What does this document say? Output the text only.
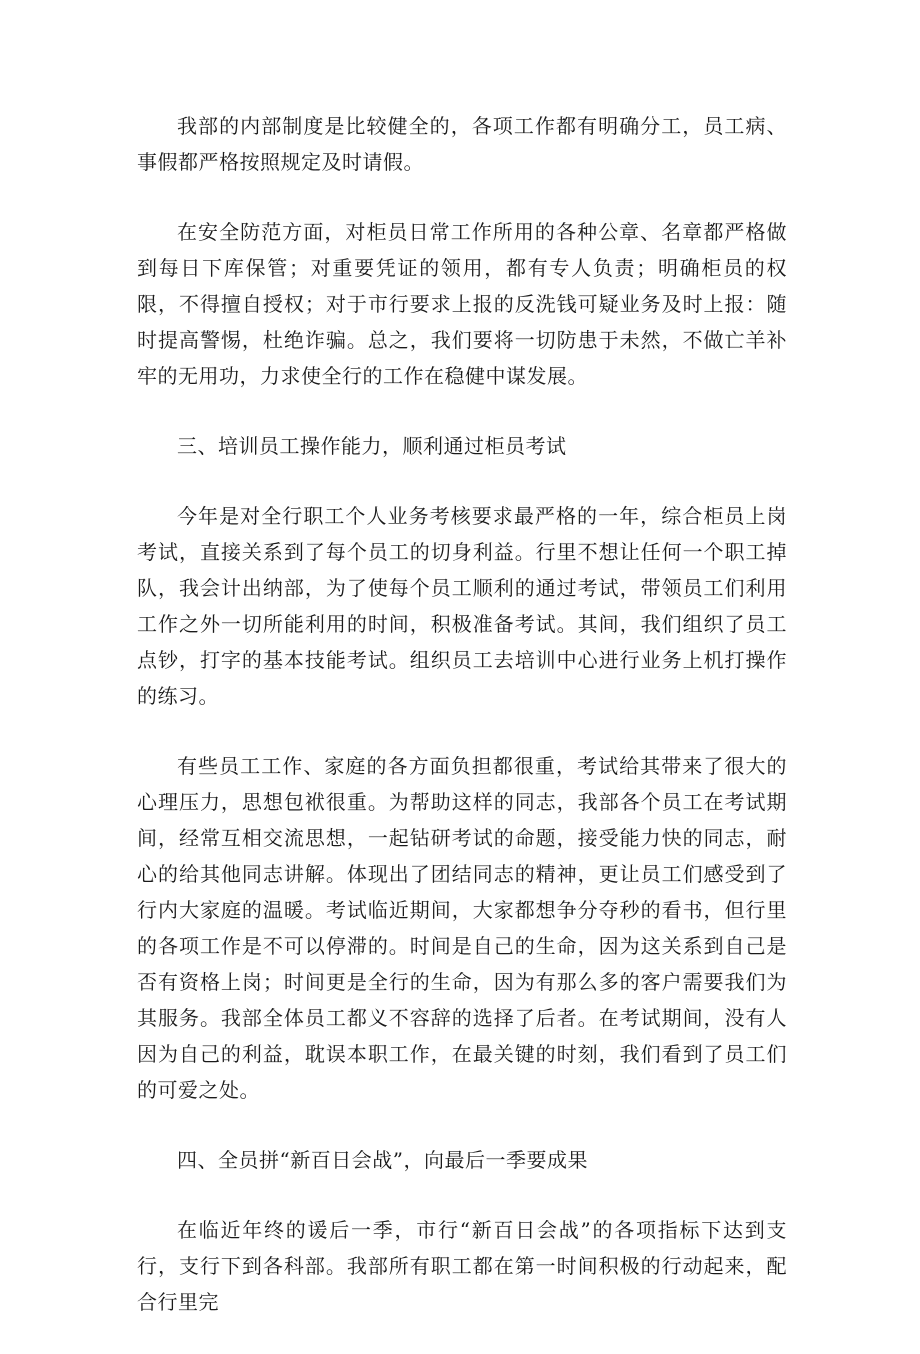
我部的内部制度是比较健全的，各项工作都有明确分工，员工病、事假都严格按照规定及时请假。

在安全防范方面，对柜员日常工作所用的各种公章、名章都严格做到每日下库保管；对重要凭证的领用，都有专人负责；明确柜员的权限，不得擅自授权；对于市行要求上报的反洗钱可疑业务及时上报：随时提高警惕，杜绝诈骗。总之，我们要将一切防患于未然，不做亡羊补牢的无用功，力求使全行的工作在稳健中谋发展。

三、培训员工操作能力，顺利通过柜员考试

今年是对全行职工个人业务考核要求最严格的一年，综合柜员上岗考试，直接关系到了每个员工的切身利益。行里不想让任何一个职工掉队，我会计出纳部，为了使每个员工顺利的通过考试，带领员工们利用工作之外一切所能利用的时间，积极准备考试。其间，我们组织了员工点钞，打字的基本技能考试。组织员工去培训中心进行业务上机打操作的练习。

有些员工工作、家庭的各方面负担都很重，考试给其带来了很大的心理压力，思想包袱很重。为帮助这样的同志，我部各个员工在考试期间，经常互相交流思想，一起钻研考试的命题，接受能力快的同志，耐心的给其他同志讲解。体现出了团结同志的精神，更让员工们感受到了行内大家庭的温暖。考试临近期间，大家都想争分夺秒的看书，但行里的各项工作是不可以停滞的。时间是自己的生命，因为这关系到自己是否有资格上岗；时间更是全行的生命，因为有那么多的客户需要我们为其服务。我部全体员工都义不容辞的选择了后者。在考试期间，没有人因为自己的利益，耽误本职工作，在最关键的时刻，我们看到了员工们的可爱之处。

四、全员拼“新百日会战”，向最后一季要成果

在临近年终的谖后一季，市行“新百日会战”的各项指标下达到支行，支行下到各科部。我部所有职工都在第一时间积极的行动起来，配合行里完
